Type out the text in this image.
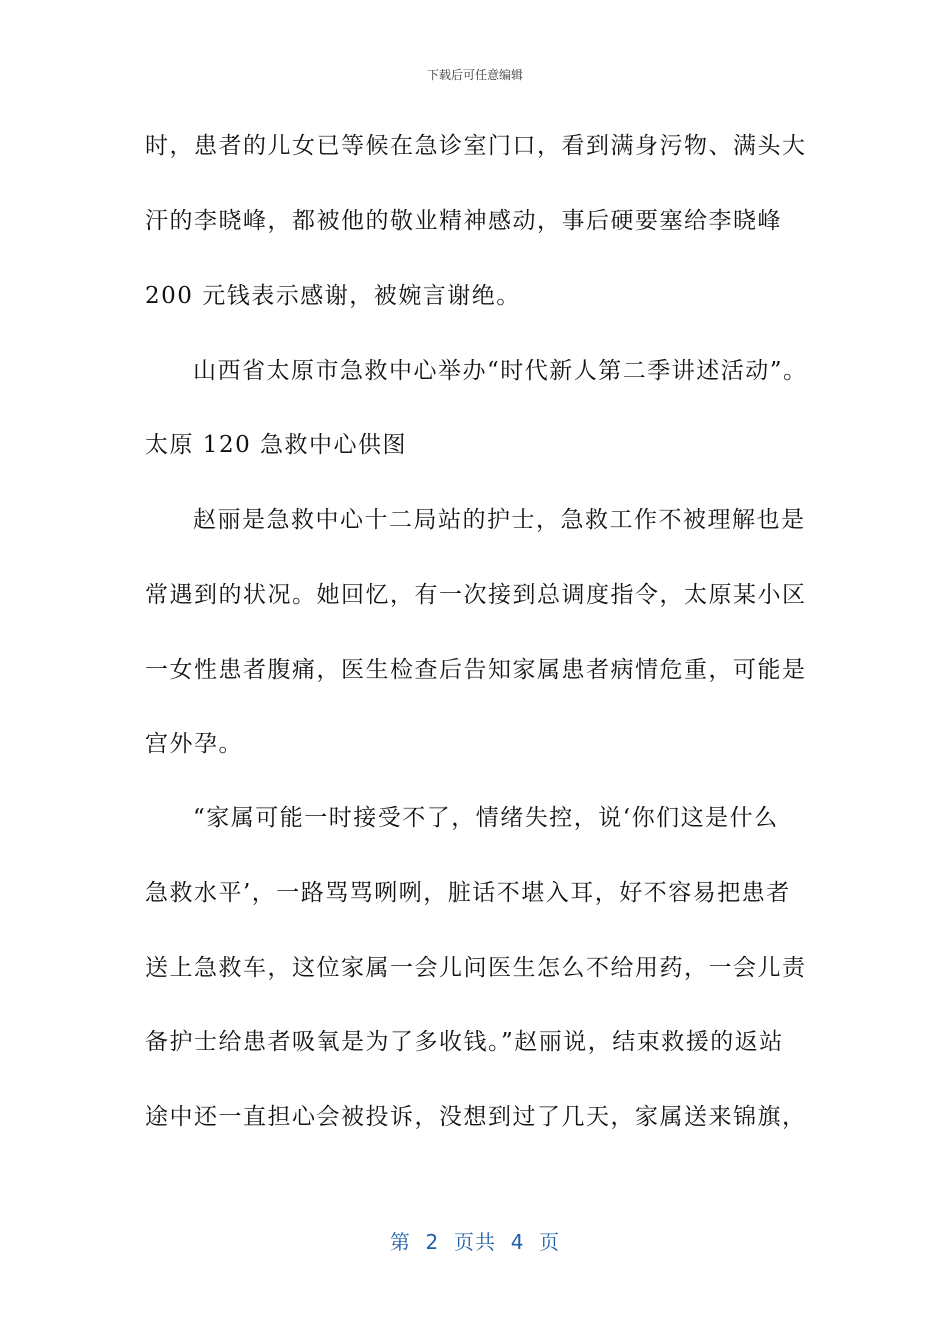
下载后可任意编辑
时，患者的儿女已等候在急诊室门口，看到满身污物、满头大
汗的李晓峰，都被他的敬业精神感动，事后硬要塞给李晓峰
200 元钱表示感谢，被婉言谢绝。
山西省太原市急救中心举办“时代新人第二季讲述活动”。
太原 120 急救中心供图
赵丽是急救中心十二局站的护士，急救工作不被理解也是
常遇到的状况。她回忆，有一次接到总调度指令，太原某小区
一女性患者腹痛，医生检查后告知家属患者病情危重，可能是
宫外孕。
“家属可能一时接受不了，情绪失控，说‘你们这是什么
急救水平’，一路骂骂咧咧，脏话不堪入耳，好不容易把患者
送上急救车，这位家属一会儿问医生怎么不给用药，一会儿责
备护士给患者吸氧是为了多收钱。”赵丽说，结束救援的返站
途中还一直担心会被投诉，没想到过了几天，家属送来锦旗，
第  2  页共  4  页
